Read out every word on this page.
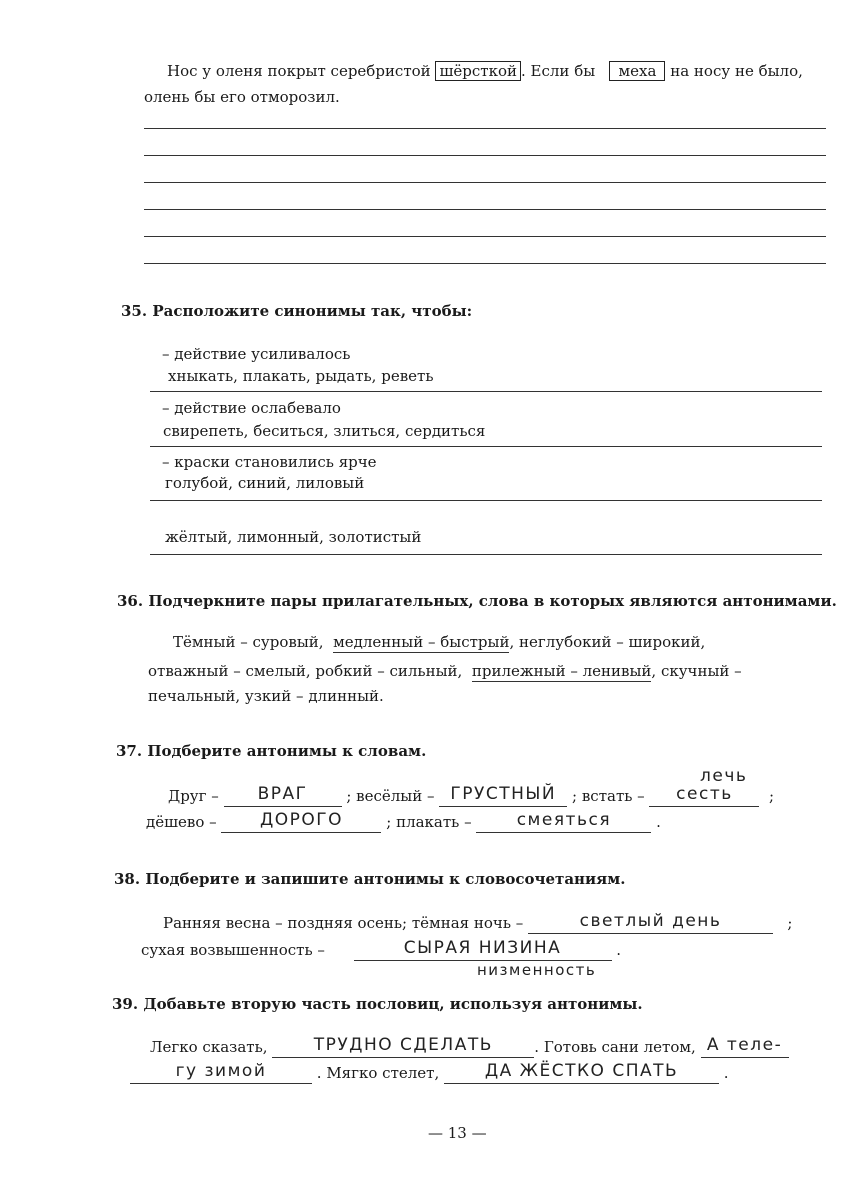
Нос у оленя покрыт серебристой шёрсткой . Если бы меха на носу не было,
олень бы его отморозил.
35. Расположите синонимы так, чтобы:
– действие усиливалось
хныкать, плакать, рыдать, реветь
– действие ослабевало
свирепеть, беситься, злиться, сердиться
– краски становились ярче
голубой, синий, лиловый
жёлтый, лимонный, золотистый
36. Подчеркните пары прилагательных, слова в которых являются антонимами.
Тёмный – суровый, медленный – быстрый, неглубокий – широкий,
отважный – смелый, робкий – сильный, прилежный – ленивый, скучный –
печальный, узкий – длинный.
37. Подберите антонимы к словам.
Друг – ВРАГ	; весёлый – ГРУСТНЫЙ ; встать – сесть ;
лечь
дёшево –	ДОРОГО	; плакать –	смеяться	.
38. Подберите и запишите антонимы к словосочетаниям.
Ранняя весна – поздняя осень; тёмная ночь –	светлый день	;
сухая возвышенность –	СЫРАЯ НИЗИНА	.
низменность
39. Добавьте вторую часть пословиц, используя антонимы.
Легко сказать,	ТРУДНО СДЕЛАТЬ	. Готовь сани летом, А теле-
гу зимой	. Мягко стелет,	ДА ЖЁСТКО СПАТЬ	.
— 13 —
